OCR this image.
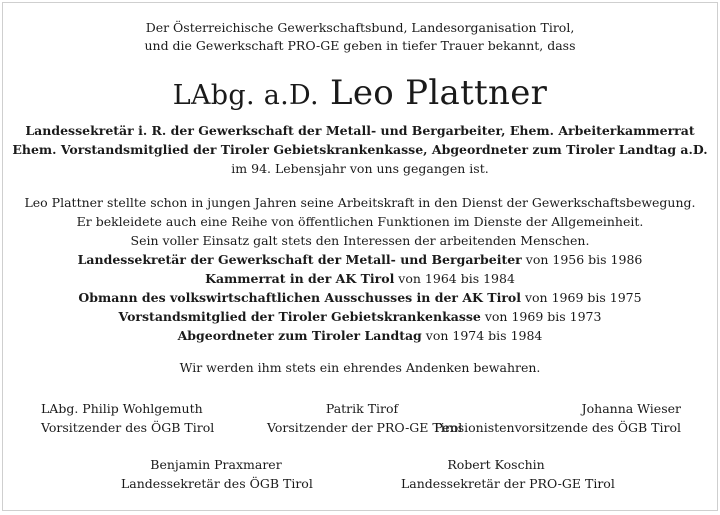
Der Österreichische Gewerkschaftsbund, Landesorganisation Tirol,
und die Gewerkschaft PRO-GE geben in tiefer Trauer bekannt, dass
LAbg. a.D. Leo Plattner
Landessekretär i. R. der Gewerkschaft der Metall- und Bergarbeiter, Ehem. Arbeiterkammerrat
Ehem. Vorstandsmitglied der Tiroler Gebietskrankenkasse, Abgeordneter zum Tiroler Landtag a.D.
im 94. Lebensjahr von uns gegangen ist.
Leo Plattner stellte schon in jungen Jahren seine Arbeitskraft in den Dienst der Gewerkschaftsbewegung.
Er bekleidete auch eine Reihe von öffentlichen Funktionen im Dienste der Allgemeinheit.
Sein voller Einsatz galt stets den Interessen der arbeitenden Menschen.
Landessekretär der Gewerkschaft der Metall- und Bergarbeiter von 1956 bis 1986
Kammerrat in der AK Tirol von 1964 bis 1984
Obmann des volkswirtschaftlichen Ausschusses in der AK Tirol von 1969 bis 1975
Vorstandsmitglied der Tiroler Gebietskrankenkasse von 1969 bis 1973
Abgeordneter zum Tiroler Landtag von 1974 bis 1984
Wir werden ihm stets ein ehrendes Andenken bewahren.
LAbg. Philip Wohlgemuth
Vorsitzender des ÖGB Tirol
Patrik Tirof
Vorsitzender der PRO-GE Tirol
Johanna Wieser
Pensionistenvorsitzende des ÖGB Tirol
Benjamin Praxmarer
Landessekretär des ÖGB Tirol
Robert Koschin
Landessekretär der PRO-GE Tirol
